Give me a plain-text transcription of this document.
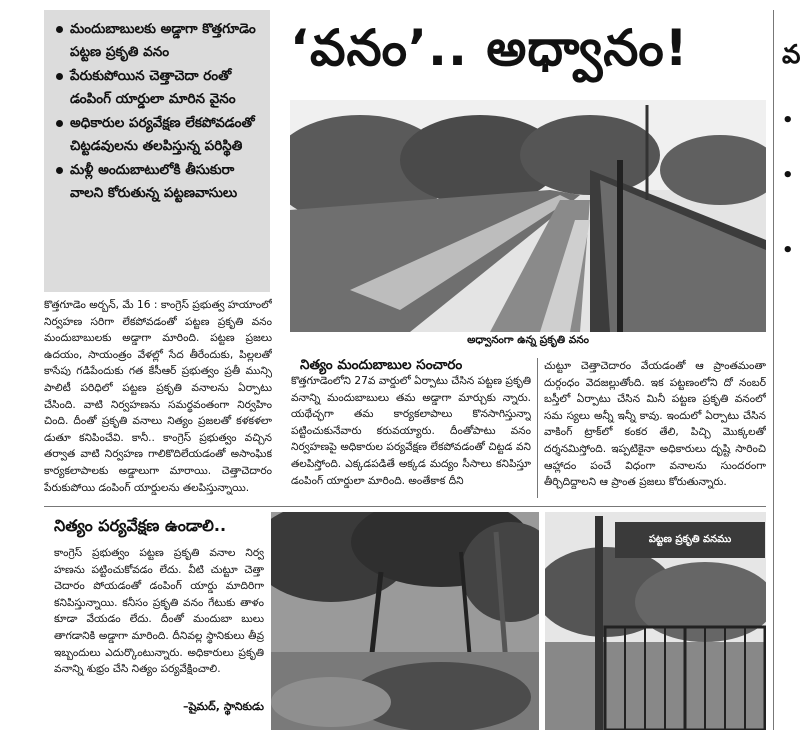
మందుబాబులకు అడ్డాగా కొత్తగూడెం పట్టణ ప్రకృతి వనం
పేరుకుపోయిన చెత్తాచెదా రంతో డంపింగ్ యార్డులా మారిన వైనం
అధికారుల పర్యవేక్షణ లేకపోవడంతో చిట్టడవులను తలపిస్తున్న పరిస్థితి
మళ్లీ అందుబాటులోకి తీసుకురా వాలని కోరుతున్న పట్టణవాసులు
‘వనం’.. అధ్వానం!
కొత్తగూడెం అర్బన్, మే 16 : కాంగ్రెస్ ప్రభుత్వ హయాంలో నిర్వహణ సరిగా లేకపోవడంతో పట్టణ ప్రకృతి వనం మందుబాబులకు అడ్డాగా మారింది. పట్టణ ప్రజలు ఉదయం, సాయంత్రం వేళల్లో సేద తీరేందుకు, పిల్లలతో కాసేపు గడిపేందుకు గత కేసీఆర్ ప్రభుత్వం ప్రతీ మున్సి పాలిటీ పరిధిలో పట్టణ ప్రకృతి వనాలను ఏర్పాటు చేసింది. వాటి నిర్వహణను సమర్థవంతంగా నిర్వహిం చింది. దీంతో ప్రకృతి వనాలు నిత్యం ప్రజలతో కళకళలా డుతూ కనిపించేవి. కానీ.. కాంగ్రెస్ ప్రభుత్వం వచ్చిన తర్వాత వాటి నిర్వహణ గాలికొదిలేయడంతో అసాంఘిక కార్యకలాపాలకు అడ్డాలుగా మారాయి. చెత్తాచెదారం పేరుకుపోయి డంపింగ్ యార్డులను తలపిస్తున్నాయి.
అధ్వానంగా ఉన్న ప్రకృతి వనం
నిత్యం మందుబాబుల సంచారం
కొత్తగూడెంలోని 27వ వార్డులో ఏర్పాటు చేసిన పట్టణ ప్రకృతి వనాన్ని మందుబాబులు తమ అడ్డాగా మార్చుకు న్నారు. యథేచ్ఛగా తమ కార్యకలాపాలు కొనసాగిస్తున్నా పట్టించుకునేవారు కరువయ్యారు. దీంతోపాటు వనం నిర్వహణపై అధికారుల పర్యవేక్షణ లేకపోవడంతో చిట్టడ వని తలపిస్తోంది. ఎక్కడపడితే అక్కడ మద్యం సీసాలు కనిపిస్తూ డంపింగ్ యార్డులా మారింది. అంతేకాక దీని
చుట్టూ చెత్తాచెదారం వేయడంతో ఆ ప్రాంతమంతా దుర్గంధం వెదజల్లుతోంది. ఇక పట్టణంలోని దో నంబర్ బస్తీలో ఏర్పాటు చేసిన మినీ పట్టణ ప్రకృతి వనంలో సమ స్యలు అన్నీ ఇన్నీ కావు. ఇందులో ఏర్పాటు చేసిన వాకింగ్ ట్రాక్‌లో కంకర తేలి, పిచ్చి మొక్కలతో దర్శనమిస్తోంది. ఇప్పటికైనా అధికారులు దృష్టి సారించి ఆహ్లాదం పంచే విధంగా వనాలను సుందరంగా తీర్చిదిద్దాలని ఆ ప్రాంత ప్రజలు కోరుతున్నారు.
నిత్యం పర్యవేక్షణ ఉండాలి..
కాంగ్రెస్ ప్రభుత్వం పట్టణ ప్రకృతి వనాల నిర్వ హణను పట్టించుకోవడం లేదు. వీటి చుట్టూ చెత్తా చెదారం పోయడంతో డంపింగ్ యార్డు మాదిరిగా కనిపిస్తున్నాయి. కనీసం ప్రకృతి వనం గేటుకు తాళం కూడా వేయడం లేదు. దీంతో మందుబా బులు తాగడానికి అడ్డాగా మారింది. దీనివల్ల స్థానికులు తీవ్ర ఇబ్బందులు ఎదుర్కొంటున్నారు. అధికారులు ప్రకృతి వనాన్ని శుభ్రం చేసి నిత్యం పర్యవేక్షించాలి.
–షైమద్, స్థానికుడు
పట్టణ ప్రకృతి వనము
వ
•
•
•
